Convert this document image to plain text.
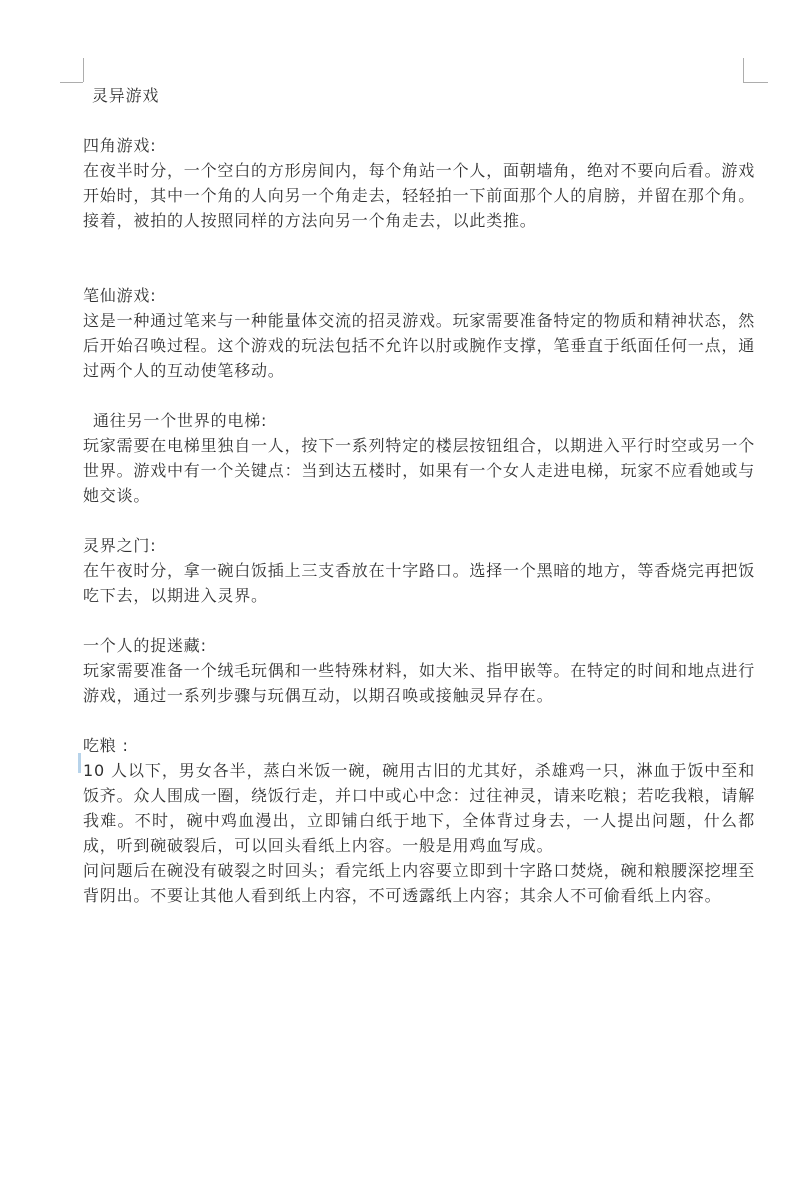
灵异游戏

四角游戏:

在夜半时分，一个空白的方形房间内，每个角站一个人，面朝墙角，绝对不要向后看。游戏开始时，其中一个角的人向另一个角走去，轻轻拍一下前面那个人的肩膀，并留在那个角。接着，被拍的人按照同样的方法向另一个角走去，以此类推。

笔仙游戏:

这是一种通过笔来与一种能量体交流的招灵游戏。玩家需要准备特定的物质和精神状态，然后开始召唤过程。这个游戏的玩法包括不允许以肘或腕作支撑，笔垂直于纸面任何一点，通过两个人的互动使笔移动。

通往另一个世界的电梯:

玩家需要在电梯里独自一人，按下一系列特定的楼层按钮组合，以期进入平行时空或另一个世界。游戏中有一个关键点：当到达五楼时，如果有一个女人走进电梯，玩家不应看她或与她交谈。

灵界之门:

在午夜时分，拿一碗白饭插上三支香放在十字路口。选择一个黑暗的地方，等香烧完再把饭吃下去，以期进入灵界。

一个人的捉迷藏:

玩家需要准备一个绒毛玩偶和一些特殊材料，如大米、指甲嵌等。在特定的时间和地点进行游戏，通过一系列步骤与玩偶互动，以期召唤或接触灵异存在。

吃粮 :

10 人以下，男女各半，蒸白米饭一碗，碗用古旧的尤其好，杀雄鸡一只，淋血于饭中至和饭齐。众人围成一圈，绕饭行走，并口中或心中念：过往神灵，请来吃粮；若吃我粮，请解我难。不时，碗中鸡血漫出，立即铺白纸于地下，全体背过身去，一人提出问题，什么都成，听到碗破裂后，可以回头看纸上内容。一般是用鸡血写成。

问问题后在碗没有破裂之时回头；看完纸上内容要立即到十字路口焚烧，碗和粮腰深挖埋至背阴出。不要让其他人看到纸上内容，不可透露纸上内容；其余人不可偷看纸上内容。
